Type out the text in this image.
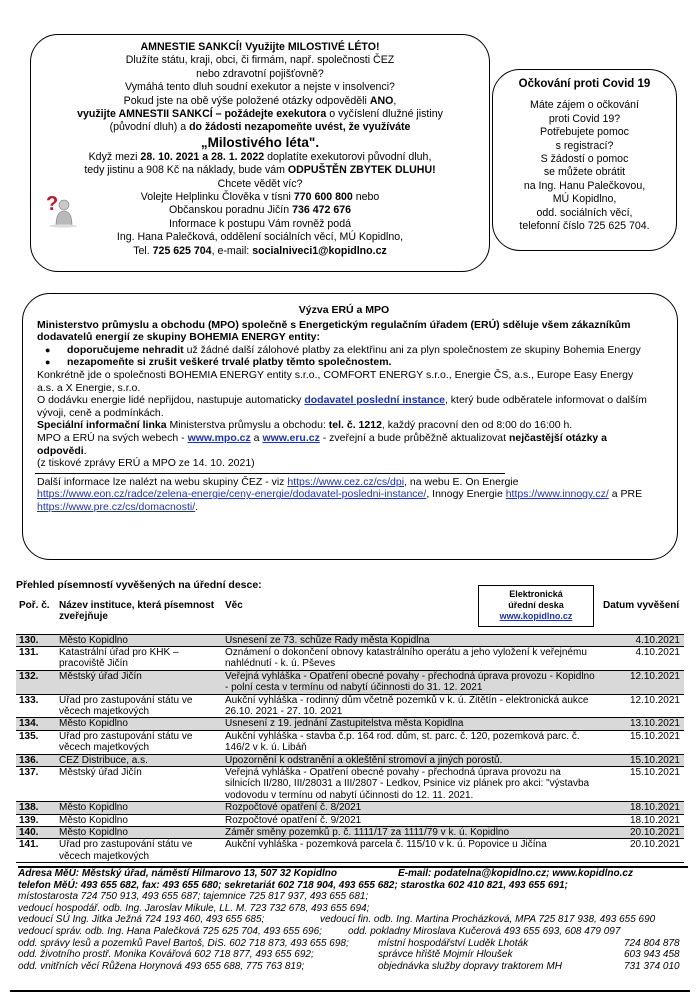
AMNESTIE SANKCÍ! Využijte MILOSTIVÉ LÉTO!

Dlužíte státu, kraji, obci, či firmám, např. společnosti ČEZ

nebo zdravotní pojišťovně?

Vymáhá tento dluh soudní exekutor a nejste v insolvenci?

Pokud jste na obě výše položené otázky odpověděli ANO,

využijte AMNESTII SANKCÍ – požádejte exekutora o vyčíslení dlužné jistiny

(původní dluh) a do žádosti nezapomeňte uvést, že využíváte

„Milostivého léta".

Když mezi 28. 10. 2021 a 28. 1. 2022 doplatíte exekutorovi původní dluh,

tedy jistinu a 908 Kč na náklady, bude vám ODPUŠTĚN ZBYTEK DLUHU!

Chcete vědět víc?

Volejte Helplinku Člověka v tísni 770 600 800 nebo

Občanskou poradnu Jičín 736 472 676

Informace k postupu Vám rovněž podá

Ing. Hana Palečková, oddělení sociálních věcí, MÚ Kopidlno,

Tel. 725 625 704, e-mail: socialniveci1@kopidlno.cz

?

Očkování proti Covid 19

Máte zájem o očkování

proti Covid 19?

Potřebujete pomoc

s registrací?

S žádostí o pomoc

se můžete obrátit

na Ing. Hanu Palečkovou,

MÚ Kopidlno,

odd. sociálních věcí,

telefonní číslo 725 625 704.

Výzva ERÚ a MPO

Ministerstvo průmyslu a obchodu (MPO) společně s Energetickým regulačním úřadem (ERÚ) sděluje všem zákazníkům dodavatelů energií ze skupiny BOHEMIA ENERGY entity:

● doporučujeme nehradit už žádné další zálohové platby za elektřinu ani za plyn společnostem ze skupiny Bohemia Energy
● nezapomeňte si zrušit veškeré trvalé platby těmto společnostem.

Konkrétně jde o společnosti BOHEMIA ENERGY entity s.r.o., COMFORT ENERGY s.r.o., Energie ČS, a.s., Europe Easy Energy a.s. a X Energie, s.r.o.

O dodávku energie lidé nepřijdou, nastupuje automaticky dodavatel poslední instance, který bude odběratele informovat o dalším vývoji, ceně a podmínkách.

Speciální informační linka Ministerstva průmyslu a obchodu: tel. č. 1212, každý pracovní den od 8:00 do 16:00 h.

MPO a ERÚ na svých webech - www.mpo.cz a www.eru.cz - zveřejní a bude průběžně aktualizovat nejčastější otázky a odpovědi.

(z tiskové zprávy ERÚ a MPO ze 14. 10. 2021)

Další informace lze nalézt na webu skupiny ČEZ - viz https://www.cez.cz/cs/dpi, na webu E. On Energie https://www.eon.cz/radce/zelena-energie/ceny-energie/dodavatel-posledni-instance/, Innogy Energie https://www.innogy.cz/ a PRE https://www.pre.cz/cs/domacnosti/.

Přehled písemností vyvěšených na úřední desce:
Poř. č.	Název instituce, která písemnost zveřejňuje	Věc	Datum vyvěšení
130.	Město Kopidlno	Usnesení ze 73. schůze Rady města Kopidlna	4.10.2021
131.	Katastrální úřad pro KHK – pracoviště Jičín	Oznámení o dokončení obnovy katastrálního operátu a jeho vyložení k veřejnému nahlédnutí - k. ú. Pševes	4.10.2021
132.	Městský úřad Jičín	Veřejná vyhláška - Opatření obecné povahy - přechodná úprava provozu - Kopidlno - polní cesta v termínu od nabytí účinnosti do 31. 12. 2021	12.10.2021
133.	Úřad pro zastupování státu ve věcech majetkových	Aukční vyhláška - rodinný dům včetně pozemků v k. ú. Žitětín - elektronická aukce 26.10. 2021 - 27. 10. 2021	12.10.2021
134.	Město Kopidlno	Usnesení z 19. jednání Zastupitelstva města Kopidlna	13.10.2021
135.	Úřad pro zastupování státu ve věcech majetkových	Aukční vyhláška - stavba č.p. 164 rod. dům, st. parc. č. 120, pozemková parc. č. 146/2 v k. ú. Libáň	15.10.2021
136.	ČEZ Distribuce, a.s.	Upozornění k odstranění a okleštění stromoví a jiných porostů.	15.10.2021
137.	Městský úřad Jičín	Veřejná vyhláška - Opatření obecné povahy - přechodná úprava provozu na silnicích II/280, III/28031 a III/2807 - Ledkov, Psinice viz plánek pro akci: "výstavba vodovodu v termínu od nabytí účinnosti do 12. 11. 2021.	15.10.2021
138.	Město Kopidlno	Rozpočtové opatření č. 8/2021	18.10.2021
139.	Město Kopidlno	Rozpočtové opatření č. 9/2021	18.10.2021
140.	Město Kopidlno	Záměr směny pozemků p. č. 1111/17 za 1111/79 v k. ú. Kopidlno	20.10.2021
141.	Úřad pro zastupování státu ve věcech majetkových	Aukční vyhláška - pozemková parcela č. 115/10 v k. ú. Popovice u Jičína	20.10.2021
Elektronická
úřední deska
www.kopidlno.cz
Adresa MěÚ: Městský úřad, náměstí Hilmarovo 13, 507 32 Kopidlno	E-mail: podatelna@kopidlno.cz; www.kopidlno.cz
telefon MěÚ: 493 655 682, fax: 493 655 680; sekretariát 602 718 904, 493 655 682; starostka 602 410 821, 493 655 691;
místostarosta 724 750 913, 493 655 687; tajemnice 725 817 937, 493 655 681;
vedoucí hospodář. odb. Ing. Jaroslav Mikule, LL. M. 723 732 678, 493 655 694;
vedoucí SÚ Ing. Jitka Ježná 724 193 460, 493 655 685;	vedoucí fin. odb. Ing. Martina Procházková, MPA 725 817 938, 493 655 690
vedoucí správ. odb. Ing. Hana Palečková 725 625 704, 493 655 696;	odd. pokladny Miroslava Kučerová 493 655 693, 608 479 097
odd. správy lesů a pozemků Pavel Bartoš, DiS. 602 718 873, 493 655 698;	místní hospodářství Luděk Lhoták	724 804 878
odd. životního prostř. Monika Kovářová 602 718 877, 493 655 692;	správce hřiště Mojmír Hloušek	603 943 458
odd. vnitřních věcí Růžena Horynová 493 655 688, 775 763 819;	objednávka služby dopravy traktorem MH	731 374 010
